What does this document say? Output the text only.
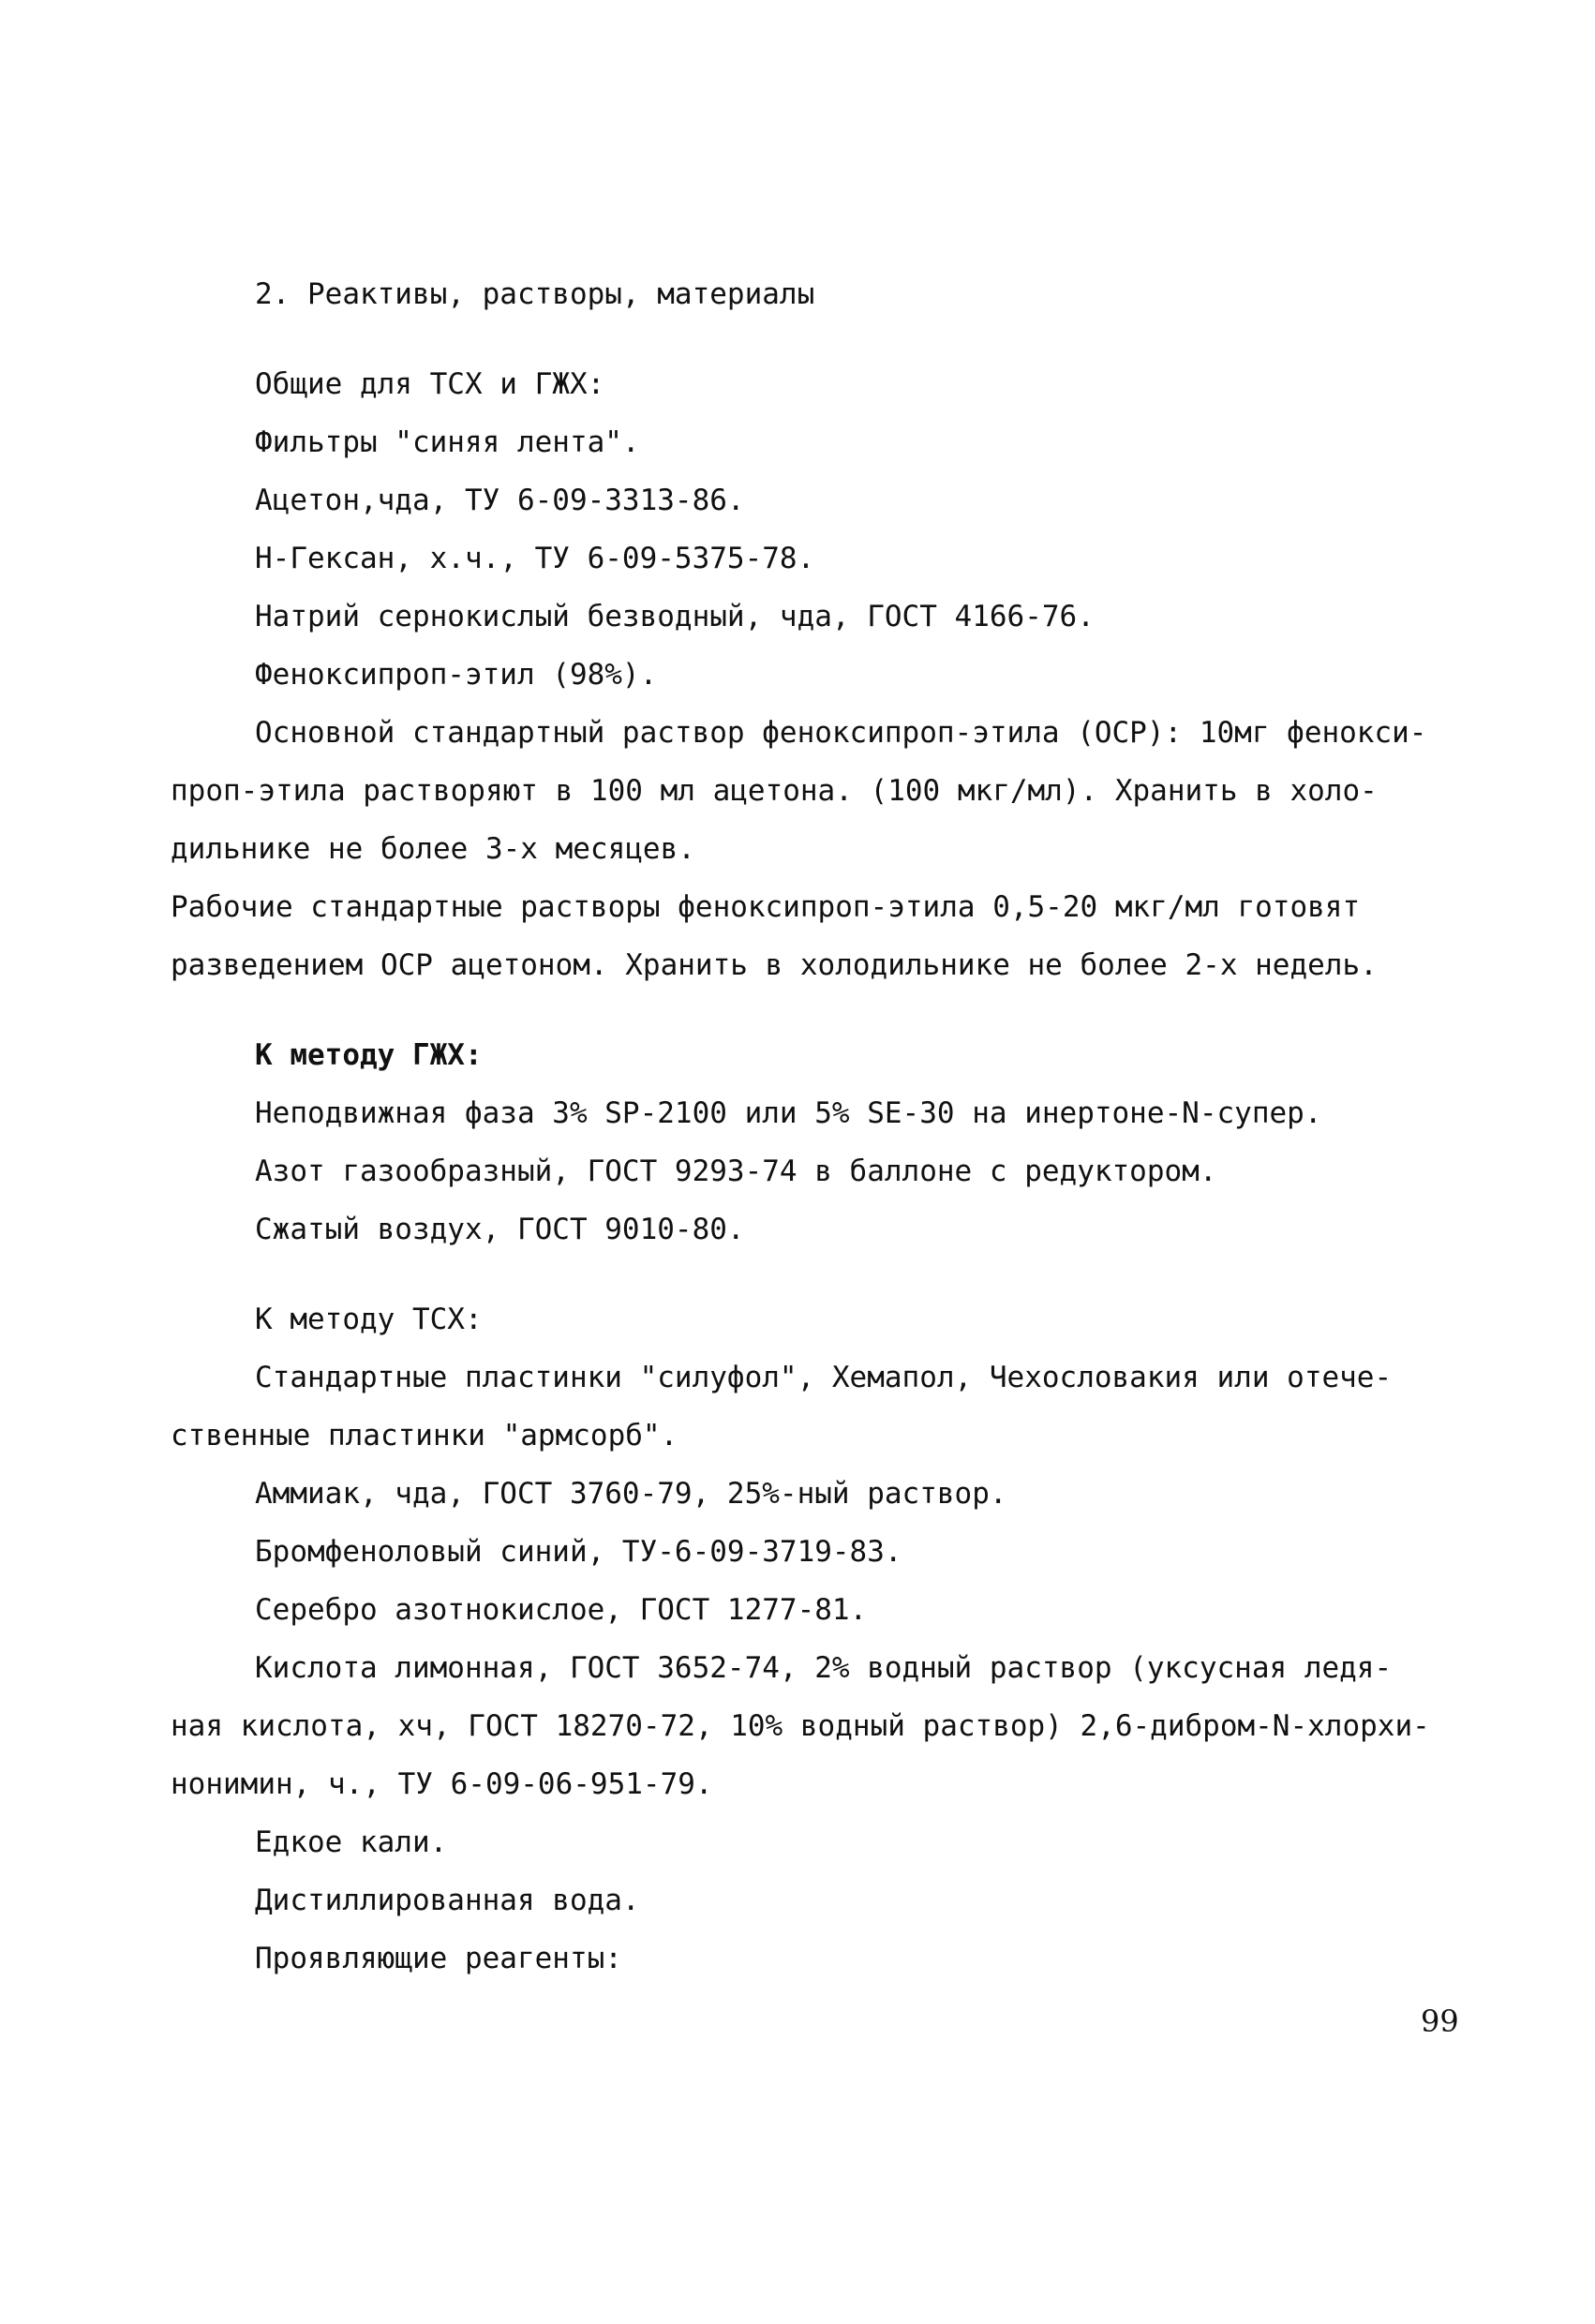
2. Реактивы, растворы, материалы
Общие для ТСХ и ГЖХ:
Фильтры "синяя лента".
Ацетон,чда, ТУ 6-09-3313-86.
Н-Гексан, х.ч., ТУ 6-09-5375-78.
Натрий сернокислый безводный, чда, ГОСТ 4166-76.
Феноксипроп-этил (98%).
Основной стандартный раствор феноксипроп-этила (ОСР): 10мг фенокси-
проп-этила растворяют в 100 мл ацетона. (100 мкг/мл). Хранить в холо-
дильнике не более 3-х месяцев.
Рабочие стандартные растворы феноксипроп-этила 0,5-20 мкг/мл готовят
разведением ОСР ацетоном. Хранить в холодильнике не более 2-х недель.
К методу ГЖХ:
Неподвижная фаза 3% SP-2100 или 5% SE-30 на инертоне-N-супер.
Азот газообразный, ГОСТ 9293-74 в баллоне с редуктором.
Сжатый воздух, ГОСТ 9010-80.
К методу ТСХ:
Стандартные пластинки "силуфол", Хемапол, Чехословакия или отече-
ственные пластинки "армсорб".
Аммиак, чда, ГОСТ 3760-79, 25%-ный раствор.
Бромфеноловый синий, ТУ-6-09-3719-83.
Серебро азотнокислое, ГОСТ 1277-81.
Кислота лимонная, ГОСТ 3652-74, 2% водный раствор (уксусная ледя-
ная кислота, хч, ГОСТ 18270-72, 10% водный раствор) 2,6-дибром-N-хлорхи-
нонимин, ч., ТУ 6-09-06-951-79.
Едкое кали.
Дистиллированная вода.
Проявляющие реагенты:
99
